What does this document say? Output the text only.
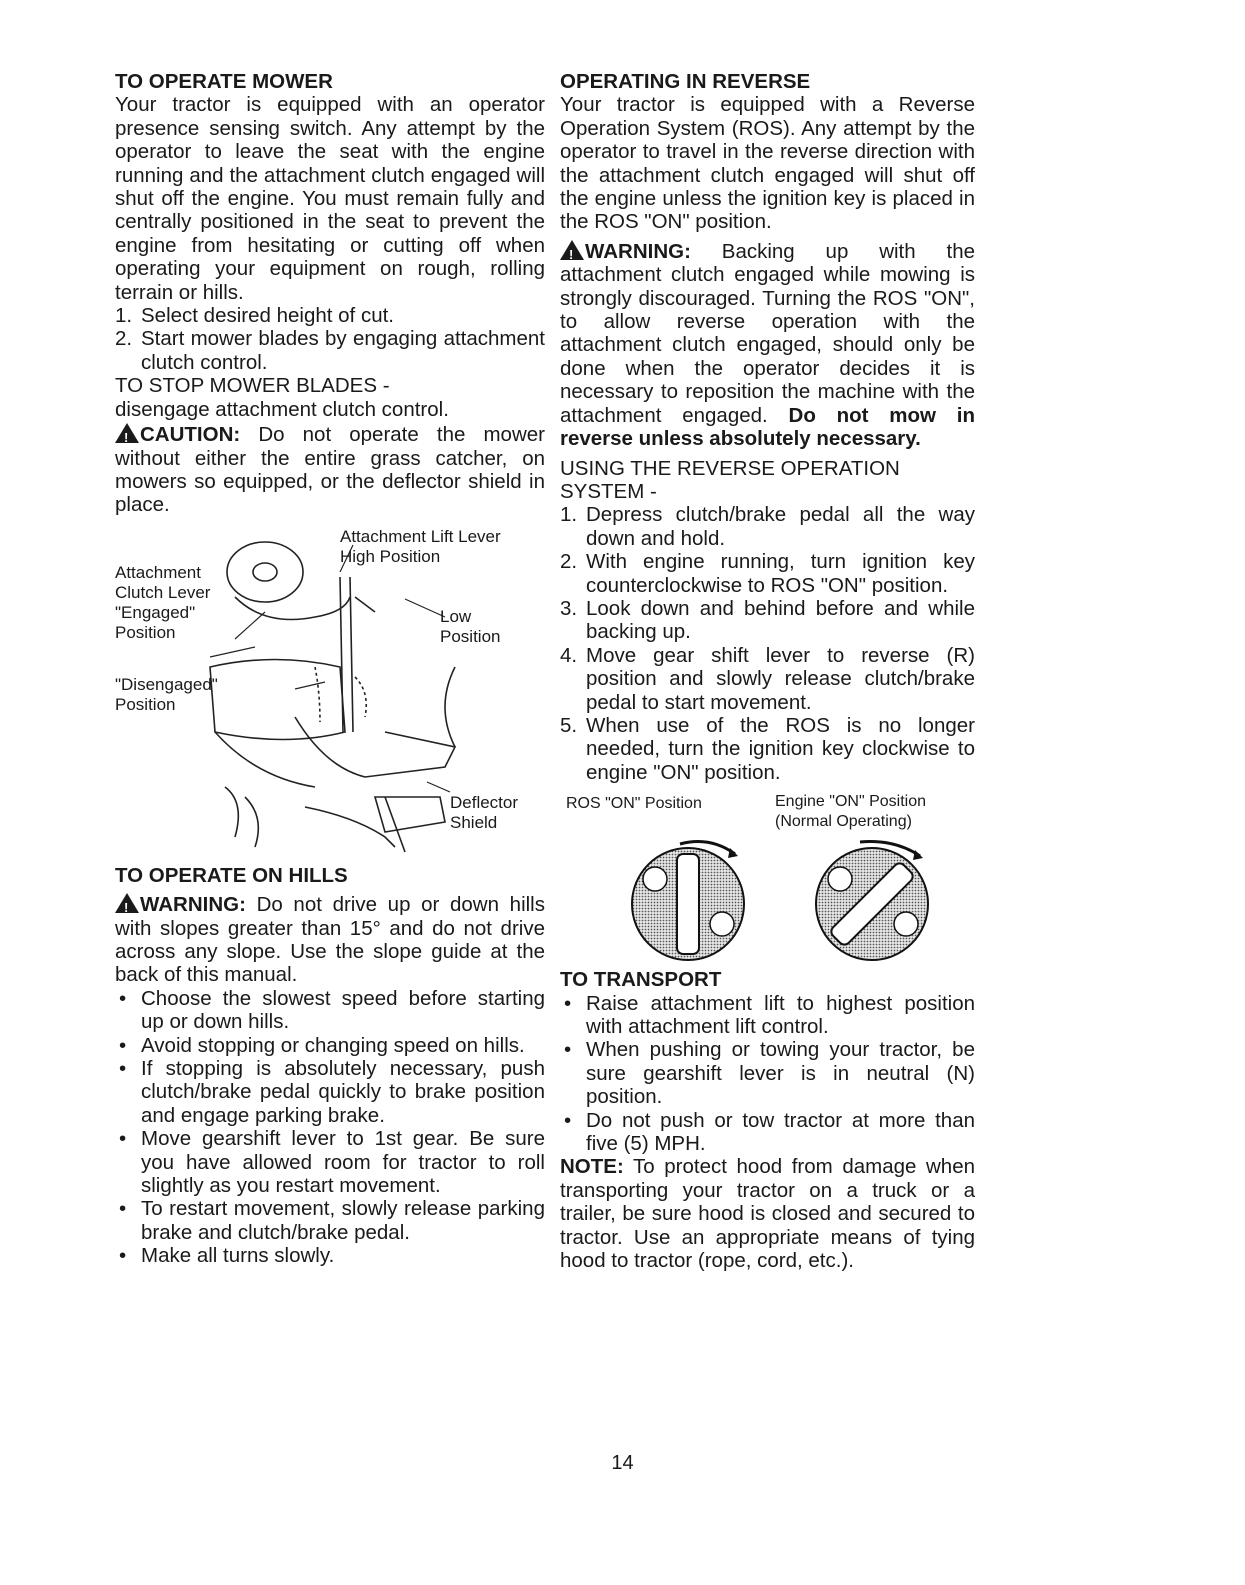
TO OPERATE MOWER

Your tractor is equipped with an operator presence sensing switch. Any attempt by the operator to leave the seat with the engine running and the attachment clutch engaged will shut off the engine. You must remain fully and centrally positioned in the seat to prevent the engine from hesitating or cutting off when operating your equipment on rough, rolling terrain or hills.

1. Select desired height of cut.
2. Start mower blades by engaging attachment clutch control.
TO STOP MOWER BLADES -

disengage attachment clutch control.

!CAUTION: Do not operate the mower without either the entire grass catcher, on mowers so equipped, or the deflector shield in place.

Attachment Lift Lever High Position
Low Position
Attachment Clutch Lever "Engaged" Position
"Disengaged" Position
Deflector Shield
TO OPERATE ON HILLS

!WARNING: Do not drive up or down hills with slopes greater than 15° and do not drive across any slope. Use the slope guide at the back of this manual.

• Choose the slowest speed before starting up or down hills.
• Avoid stopping or changing speed on hills.
• If stopping is absolutely necessary, push clutch/brake pedal quickly to brake position and engage parking brake.
• Move gearshift lever to 1st gear. Be sure you have allowed room for tractor to roll slightly as you restart movement.
• To restart movement, slowly release parking brake and clutch/brake pedal.
• Make all turns slowly.
OPERATING IN REVERSE

Your tractor is equipped with a Reverse Operation System (ROS). Any attempt by the operator to travel in the reverse direction with the attachment clutch engaged will shut off the engine unless the ignition key is placed in the ROS "ON" position.

!WARNING: Backing up with the attachment clutch engaged while mowing is strongly discouraged. Turning the ROS "ON", to allow reverse operation with the attachment clutch engaged, should only be done when the operator decides it is necessary to reposition the machine with the attachment engaged. Do not mow in reverse unless absolutely necessary.

USING THE REVERSE OPERATION SYSTEM -
1. Depress clutch/brake pedal all the way down and hold.
2. With engine running, turn ignition key counterclockwise to ROS "ON" position.
3. Look down and behind before and while backing up.
4. Move gear shift lever to reverse (R) position and slowly release clutch/brake pedal to start movement.
5. When use of the ROS is no longer needed, turn the ignition key clockwise to engine "ON" position.
ROS "ON" Position	Engine "ON" Position (Normal Operating)
TO TRANSPORT
• Raise attachment lift to highest position with attachment lift control.
• When pushing or towing your tractor, be sure gearshift lever is in neutral (N) position.
• Do not push or tow tractor at more than five (5) MPH.

NOTE: To protect hood from damage when transporting your tractor on a truck or a trailer, be sure hood is closed and secured to tractor. Use an appropriate means of tying hood to tractor (rope, cord, etc.).

14
